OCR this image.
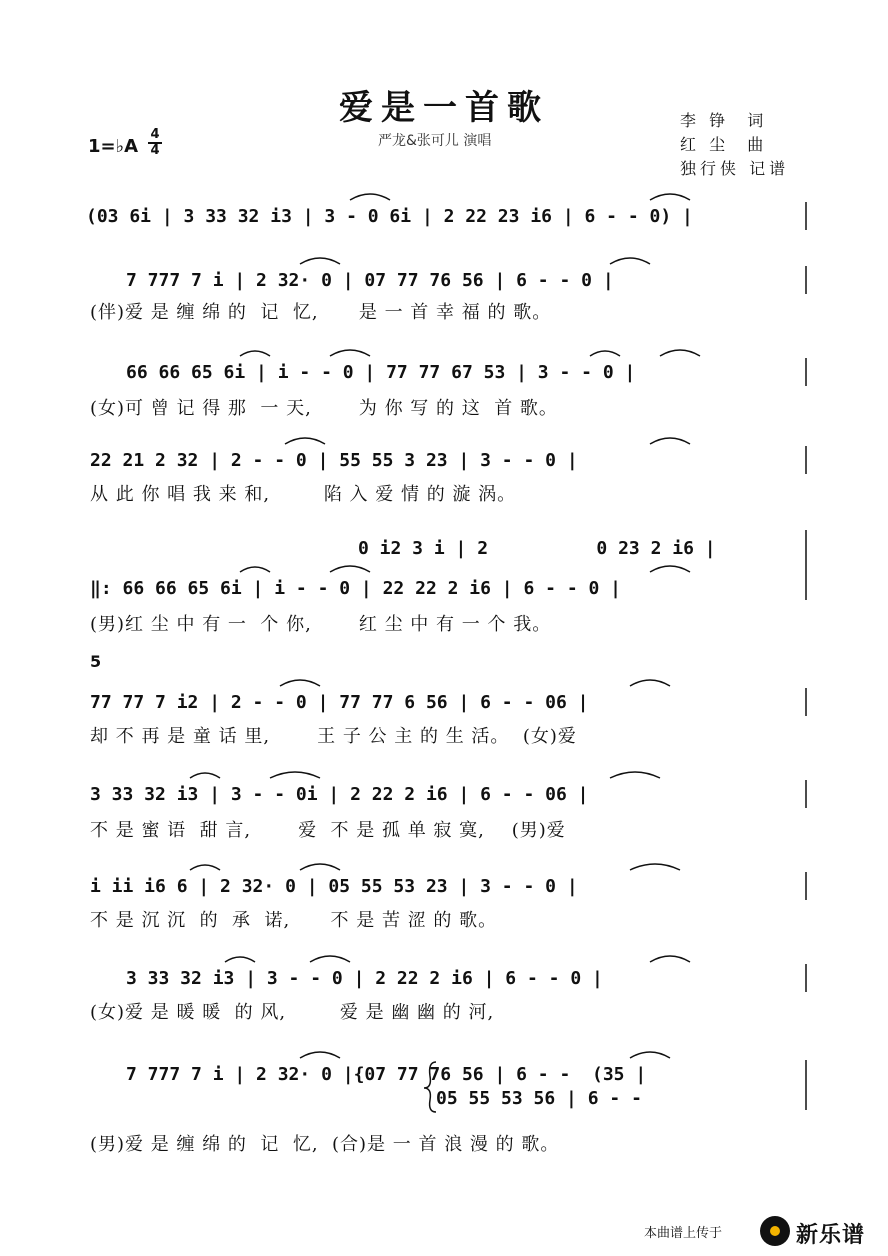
爱是一首歌
严龙&张可儿 演唱
李 铮  词
红 尘  曲
独行侠 记谱
1=♭A
4
4
(03 6i | 3 33 32 i3 | 3 - 0 6i | 2 22 23 i6 | 6 - - 0) |
7 777 7 i | 2 32· 0 | 07 77 76 56 | 6 - - 0 |
(伴)爱 是 缠 绵 的  记  忆,      是 一 首 幸 福 的 歌。
66 66 65 6i | i - - 0 | 77 77 67 53 | 3 - - 0 |
(女)可 曾 记 得 那  一 天,       为 你 写 的 这  首 歌。
22 21 2 32 | 2 - - 0 | 55 55 3 23 | 3 - - 0 |
从 此 你 唱 我 来 和,        陷 入 爱 情 的 漩 涡。
0 i2 3 i | 2          0 23 2 i6 |
‖: 66 66 65 6i | i - - 0 | 22 22 2 i6 | 6 - - 0 |
(男)红 尘 中 有 一  个 你,       红 尘 中 有 一 个 我。
5
77 77 7 i2 | 2 - - 0 | 77 77 6 56 | 6 - - 06 |
却 不 再 是 童 话 里,       王 子 公 主 的 生 活。  (女)爱
3 33 32 i3 | 3 - - 0i | 2 22 2 i6 | 6 - - 06 |
不 是 蜜 语  甜 言,       爱  不 是 孤 单 寂 寞,    (男)爱
i ii i6 6 | 2 32· 0 | 05 55 53 23 | 3 - - 0 |
不 是 沉 沉  的  承  诺,      不 是 苦 涩 的 歌。
3 33 32 i3 | 3 - - 0 | 2 22 2 i6 | 6 - - 0 |
(女)爱 是 暖 暖  的 风,        爱 是 幽 幽 的 河,
7 777 7 i | 2 32· 0 |{07 77 76 56 | 6 - -  (35 |
05 55 53 56 | 6 - -
(男)爱 是 缠 绵 的  记  忆,  (合)是 一 首 浪 漫 的 歌。
本曲谱上传于	新乐谱
